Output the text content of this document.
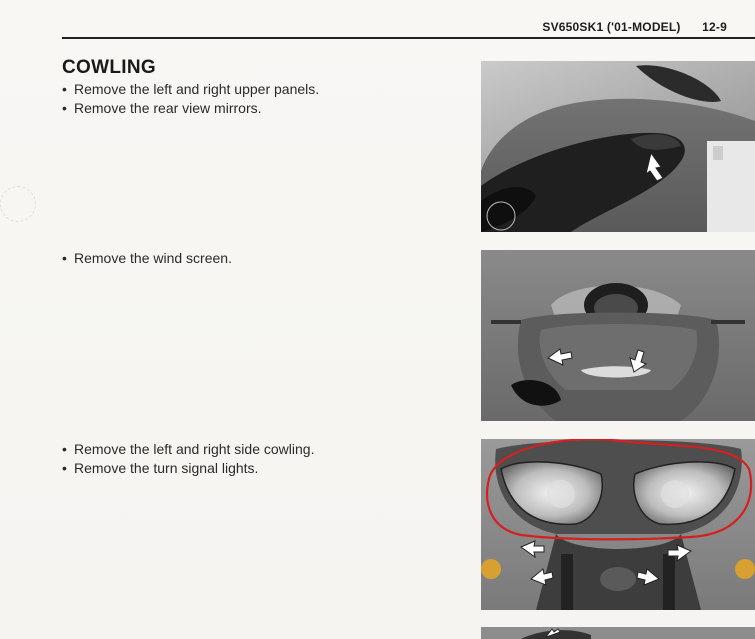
SV650SK1 ('01-MODEL) 12-9
COWLING
• Remove the left and right upper panels.
• Remove the rear view mirrors.
• Remove the wind screen.
• Remove the left and right side cowling.
• Remove the turn signal lights.
